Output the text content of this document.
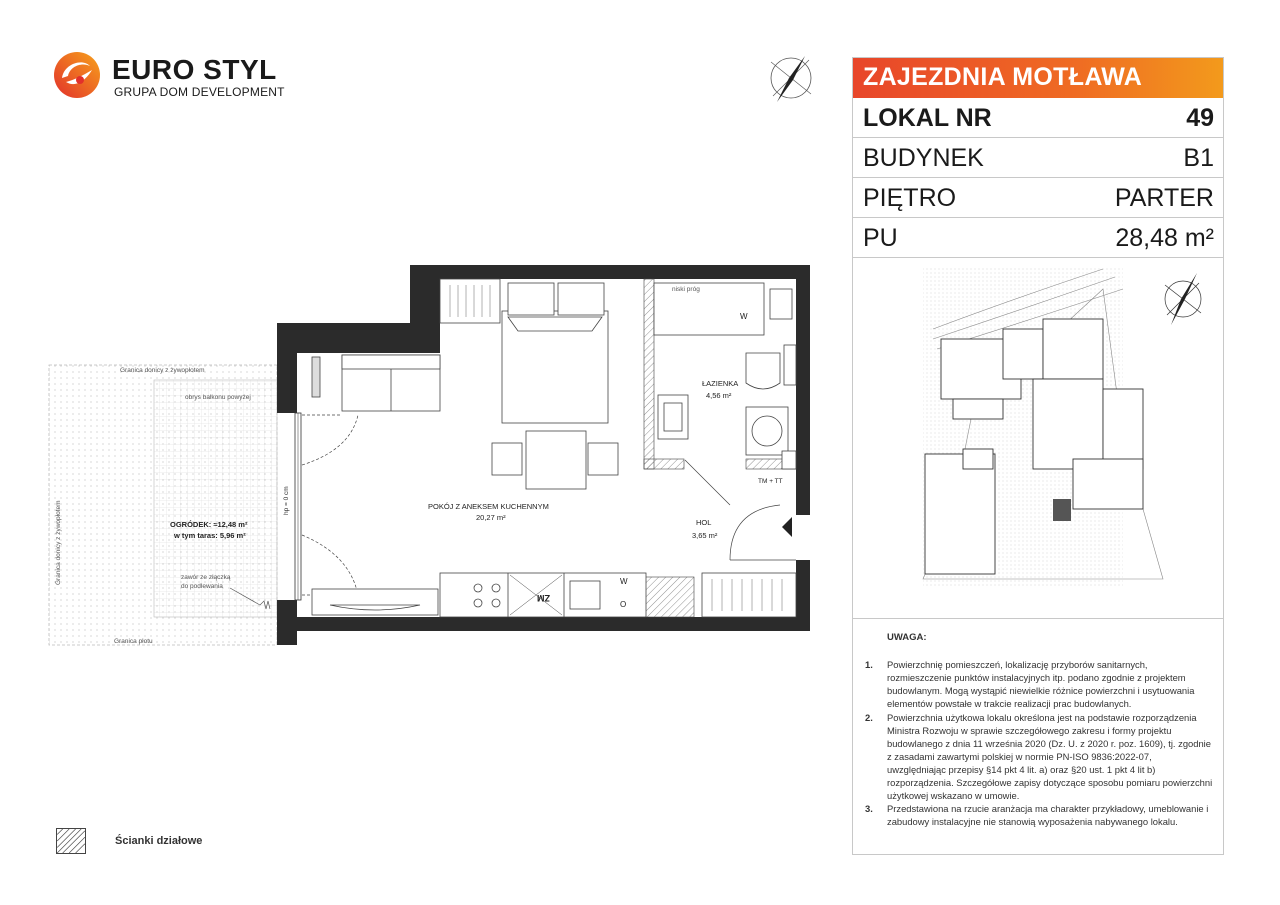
EURO STYL
GRUPA DOM DEVELOPMENT
Granica donicy z żywopłotem
obrys balkonu powyżej
Granica donicy z żywopłotem
Granica płotu
OGRÓDEK: ≈12,48 m²
w tym taras: 5,96 m²
zawór ze złączką
do podlewania
hp = 0 cm	POKÓJ Z ANEKSEM KUCHENNYM
20,27 m²
ŁAZIENKA
4,56 m²
HOL
3,65 m²
niski próg
W
TM + TT
ZM
W
O
ZAJEZDNIA MOTŁAWA
LOKAL NR	49
BUDYNEK	B1
PIĘTRO	PARTER
PU	28,48 m²
UWAGA:
1. Powierzchnię pomieszczeń, lokalizację przyborów sanitarnych, rozmieszczenie punktów instalacyjnych itp. podano zgodnie z projektem budowlanym. Mogą wystąpić niewielkie różnice powierzchni i usytuowania elementów powstałe w trakcie realizacji prac budowlanych.
2. Powierzchnia użytkowa lokalu określona jest na podstawie rozporządzenia Ministra Rozwoju w sprawie szczegółowego zakresu i formy projektu budowlanego z dnia 11 września 2020 (Dz. U. z 2020 r. poz. 1609), tj. zgodnie z zasadami zawartymi polskiej w normie PN-ISO 9836:2022-07, uwzględniając przepisy §14 pkt 4 lit. a) oraz §20 ust. 1 pkt 4 lit b) rozporządzenia. Szczegółowe zapisy dotyczące sposobu pomiaru powierzchni użytkowej wskazano w umowie.
3. Przedstawiona na rzucie aranżacja ma charakter przykładowy, umeblowanie i zabudowy instalacyjne nie stanowią wyposażenia nabywanego lokalu.
Ścianki działowe
